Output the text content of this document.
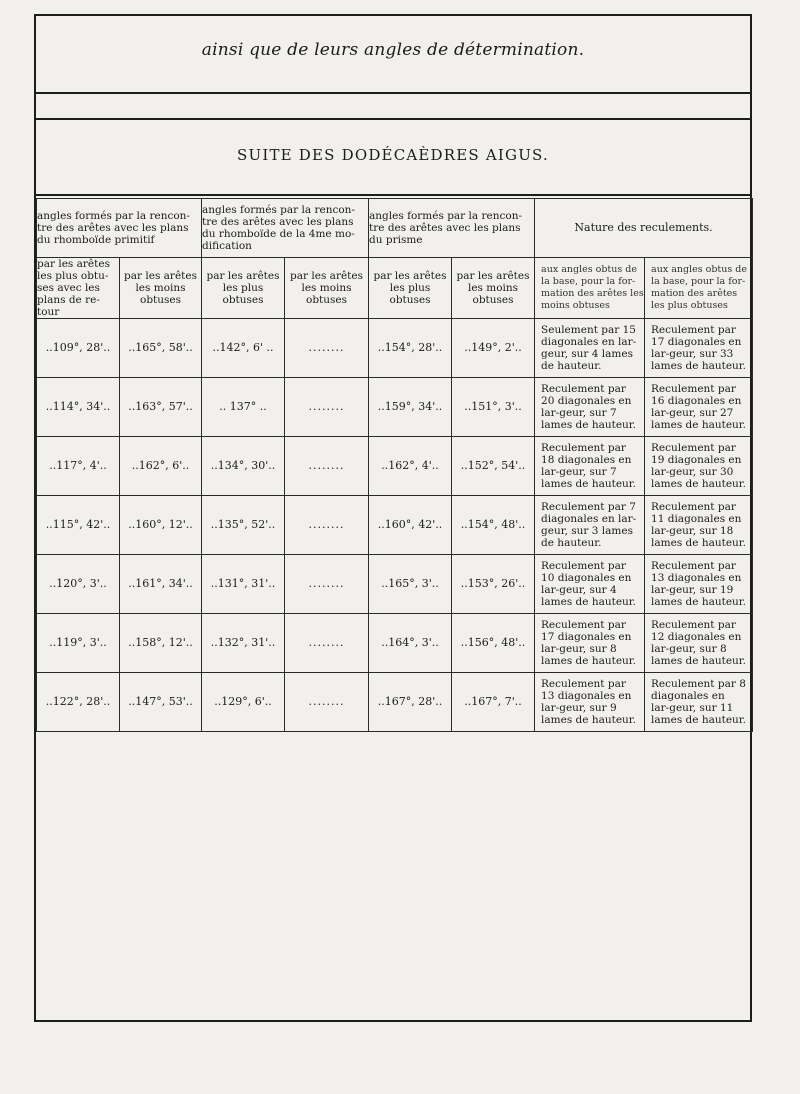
ainsi que de leurs angles de détermination.
SUITE DES DODÉCAÈDRES AIGUS.
angles formés par la rencon-tre des arêtes avec les plans du rhomboïde primitif		angles formés par la rencon-tre des arêtes avec les plans du rhomboïde de la 4me mo-dification		angles formés par la rencon-tre des arêtes avec les plans du prisme		Nature des reculements.	
par les arêtes les plus obtu-ses avec les plans de re-tour	par les arêtes les moins obtuses	par les arêtes les plus obtuses	par les arêtes les moins obtuses	par les arêtes les plus obtuses	par les arêtes les moins obtuses	aux angles obtus de la base, pour la for-mation des arêtes les moins obtuses	aux angles obtus de la base, pour la for-mation des arêtes les plus obtuses
..109°, 28'..	..165°, 58'..	..142°, 6' ..	........	..154°, 28'..	..149°, 2'..	Seulement par 15 diagonales en lar-geur, sur 4 lames de hauteur.	Reculement par 17 diagonales en lar-geur, sur 33 lames de hauteur.
..114°, 34'..	..163°, 57'..	.. 137° ..	........	..159°, 34'..	..151°, 3'..	Reculement par 20 diagonales en lar-geur, sur 7 lames de hauteur.	Reculement par 16 diagonales en lar-geur, sur 27 lames de hauteur.
..117°, 4'..	..162°, 6'..	..134°, 30'..	........	..162°, 4'..	..152°, 54'..	Reculement par 18 diagonales en lar-geur, sur 7 lames de hauteur.	Reculement par 19 diagonales en lar-geur, sur 30 lames de hauteur.
..115°, 42'..	..160°, 12'..	..135°, 52'..	........	..160°, 42'..	..154°, 48'..	Reculement par 7 diagonales en lar-geur, sur 3 lames de hauteur.	Reculement par 11 diagonales en lar-geur, sur 18 lames de hauteur.
..120°, 3'..	..161°, 34'..	..131°, 31'..	........	..165°, 3'..	..153°, 26'..	Reculement par 10 diagonales en lar-geur, sur 4 lames de hauteur.	Reculement par 13 diagonales en lar-geur, sur 19 lames de hauteur.
..119°, 3'..	..158°, 12'..	..132°, 31'..	........	..164°, 3'..	..156°, 48'..	Reculement par 17 diagonales en lar-geur, sur 8 lames de hauteur.	Reculement par 12 diagonales en lar-geur, sur 8 lames de hauteur.
..122°, 28'..	..147°, 53'..	..129°, 6'..	........	..167°, 28'..	..167°, 7'..	Reculement par 13 diagonales en lar-geur, sur 9 lames de hauteur.	Reculement par 8 diagonales en lar-geur, sur 11 lames de hauteur.
